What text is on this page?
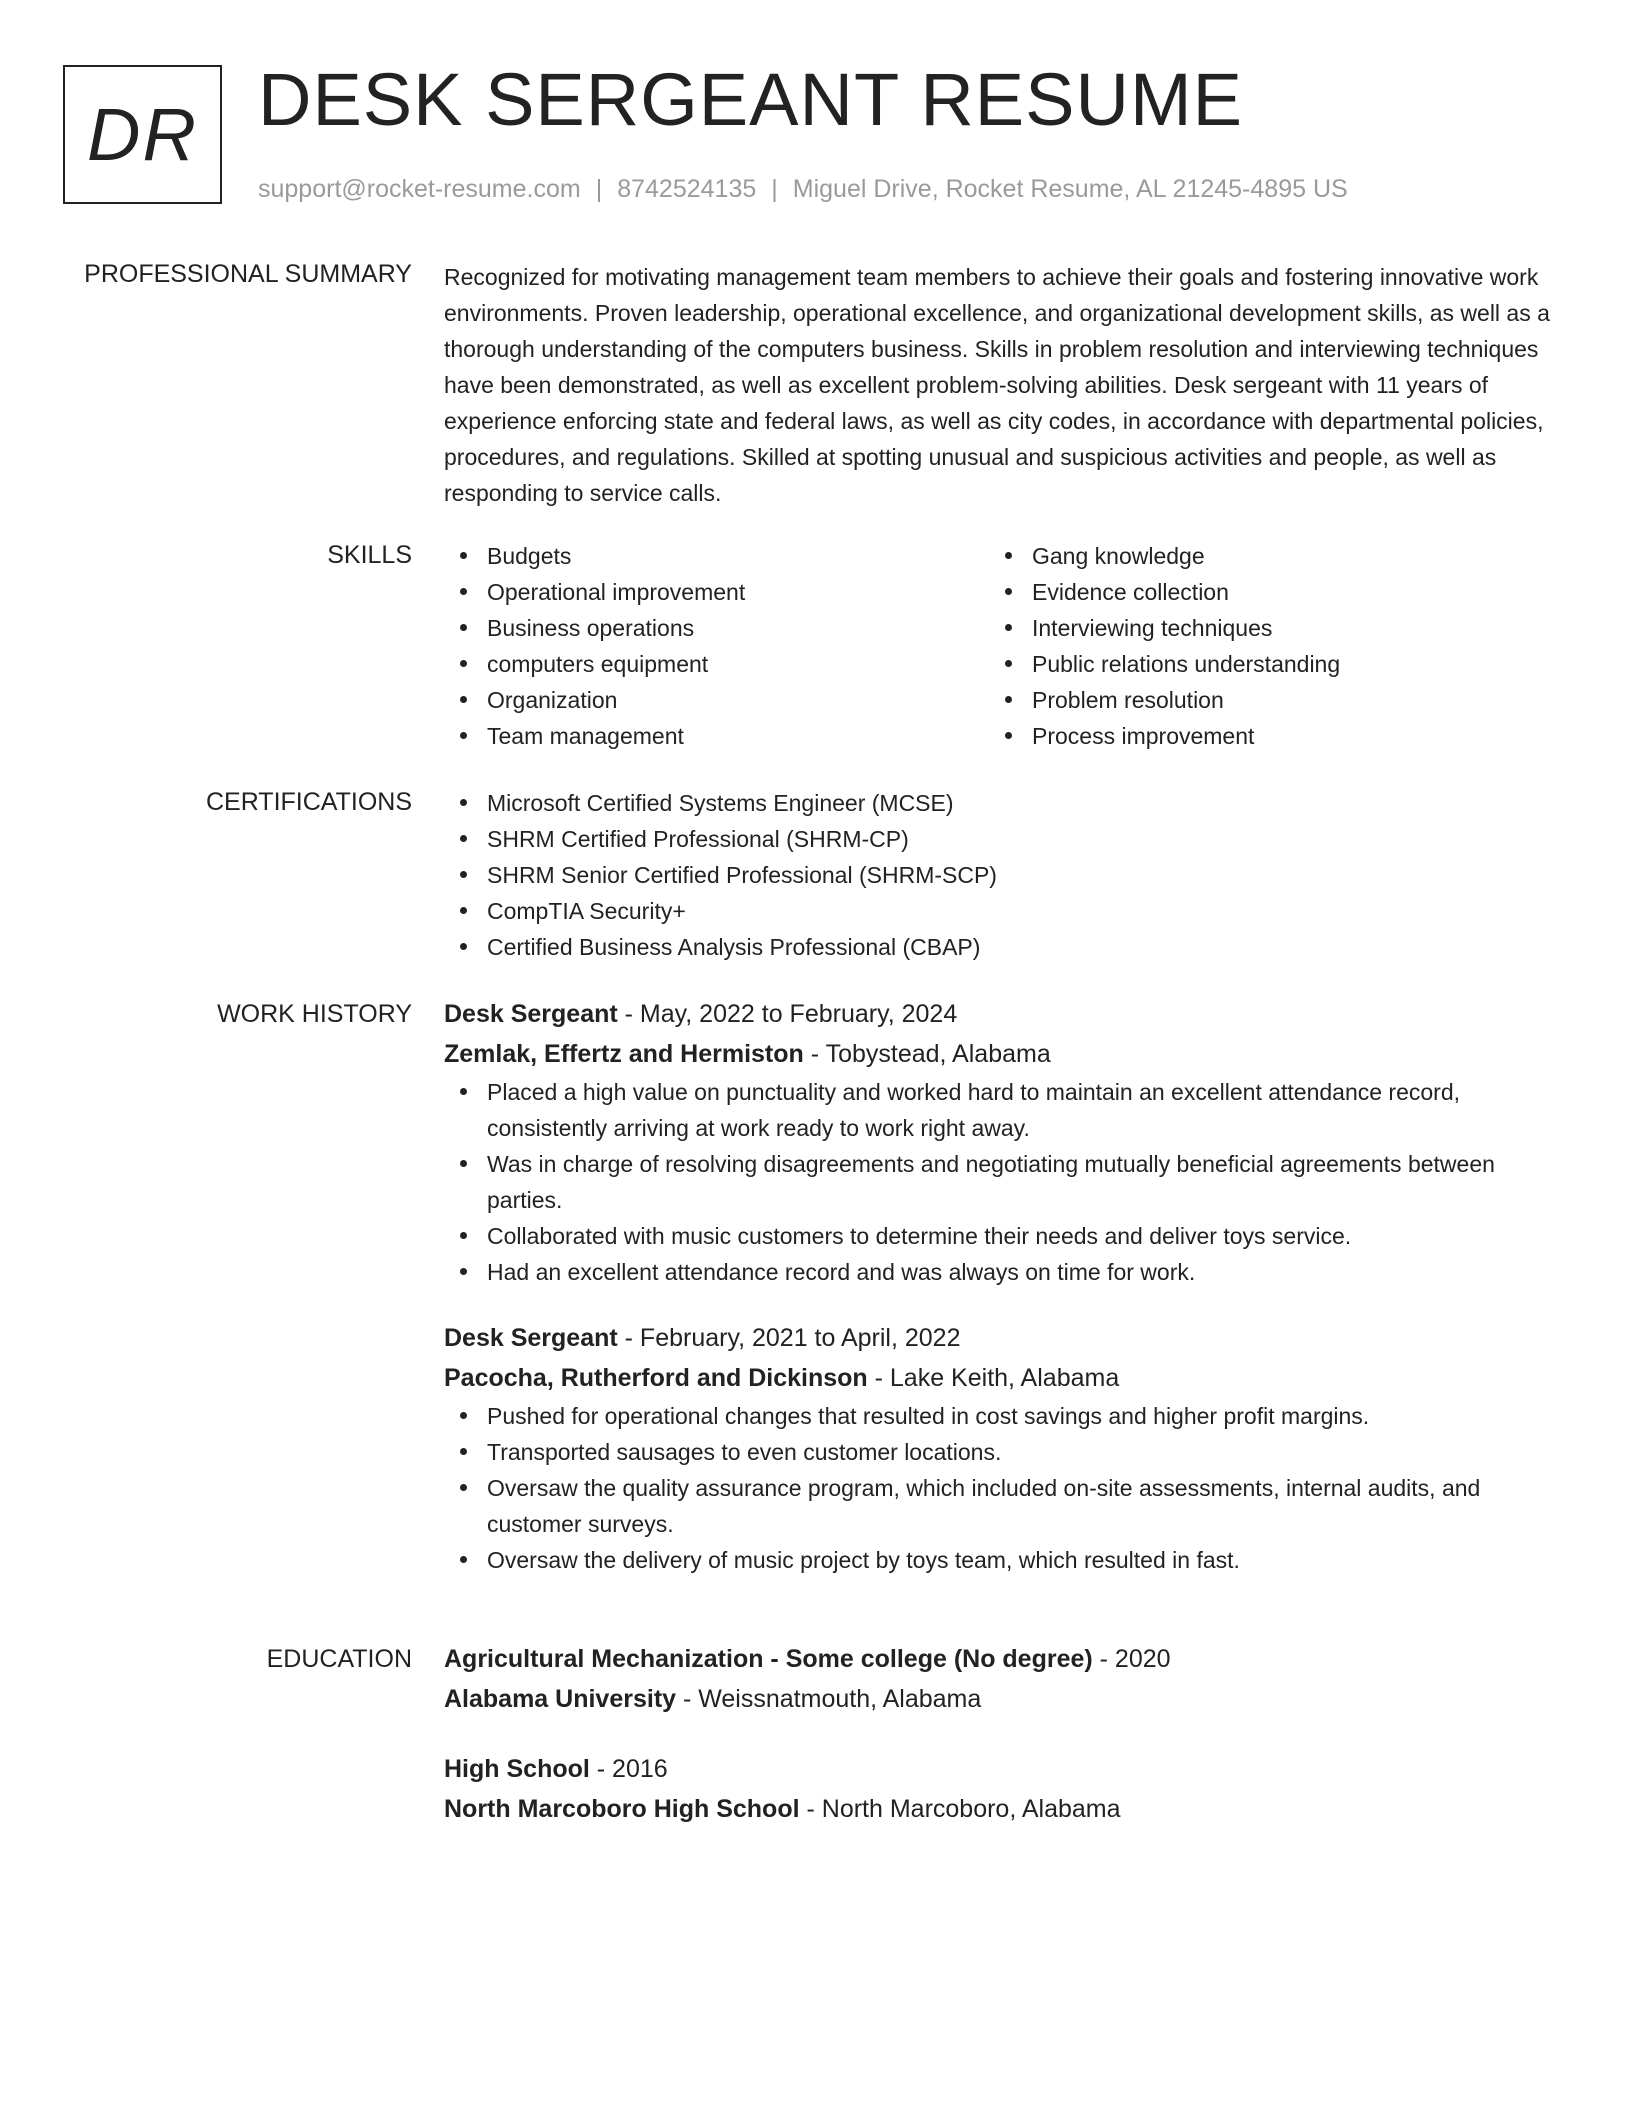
DR DESK SERGEANT RESUME
support@rocket-resume.com | 8742524135 | Miguel Drive, Rocket Resume, AL 21245-4895 US
PROFESSIONAL SUMMARY Recognized for motivating management team members to achieve their goals and fostering innovative work environments. Proven leadership, operational excellence, and organizational development skills, as well as a thorough understanding of the computers business. Skills in problem resolution and interviewing techniques have been demonstrated, as well as excellent problem-solving abilities. Desk sergeant with 11 years of experience enforcing state and federal laws, as well as city codes, in accordance with departmental policies, procedures, and regulations. Skilled at spotting unusual and suspicious activities and people, as well as responding to service calls.

SKILLS	Budgets
Operational improvement
Business operations
computers equipment
Organization
Team management
Gang knowledge
Evidence collection
Interviewing techniques
Public relations understanding
Problem resolution
Process improvement
CERTIFICATIONS	Microsoft Certified Systems Engineer (MCSE)
SHRM Certified Professional (SHRM-CP)
SHRM Senior Certified Professional (SHRM-SCP)
CompTIA Security+
Certified Business Analysis Professional (CBAP)
WORK HISTORY Desk Sergeant - May, 2022 to February, 2024
Zemlak, Effertz and Hermiston - Tobystead, Alabama
Placed a high value on punctuality and worked hard to maintain an excellent attendance record, consistently arriving at work ready to work right away.
Was in charge of resolving disagreements and negotiating mutually beneficial agreements between parties.
Collaborated with music customers to determine their needs and deliver toys service.
Had an excellent attendance record and was always on time for work.
Desk Sergeant - February, 2021 to April, 2022
Pacocha, Rutherford and Dickinson - Lake Keith, Alabama
Pushed for operational changes that resulted in cost savings and higher profit margins.
Transported sausages to even customer locations.
Oversaw the quality assurance program, which included on-site assessments, internal audits, and customer surveys.
Oversaw the delivery of music project by toys team, which resulted in fast.
EDUCATION Agricultural Mechanization - Some college (No degree) - 2020
Alabama University - Weissnatmouth, Alabama
High School - 2016
North Marcoboro High School - North Marcoboro, Alabama
